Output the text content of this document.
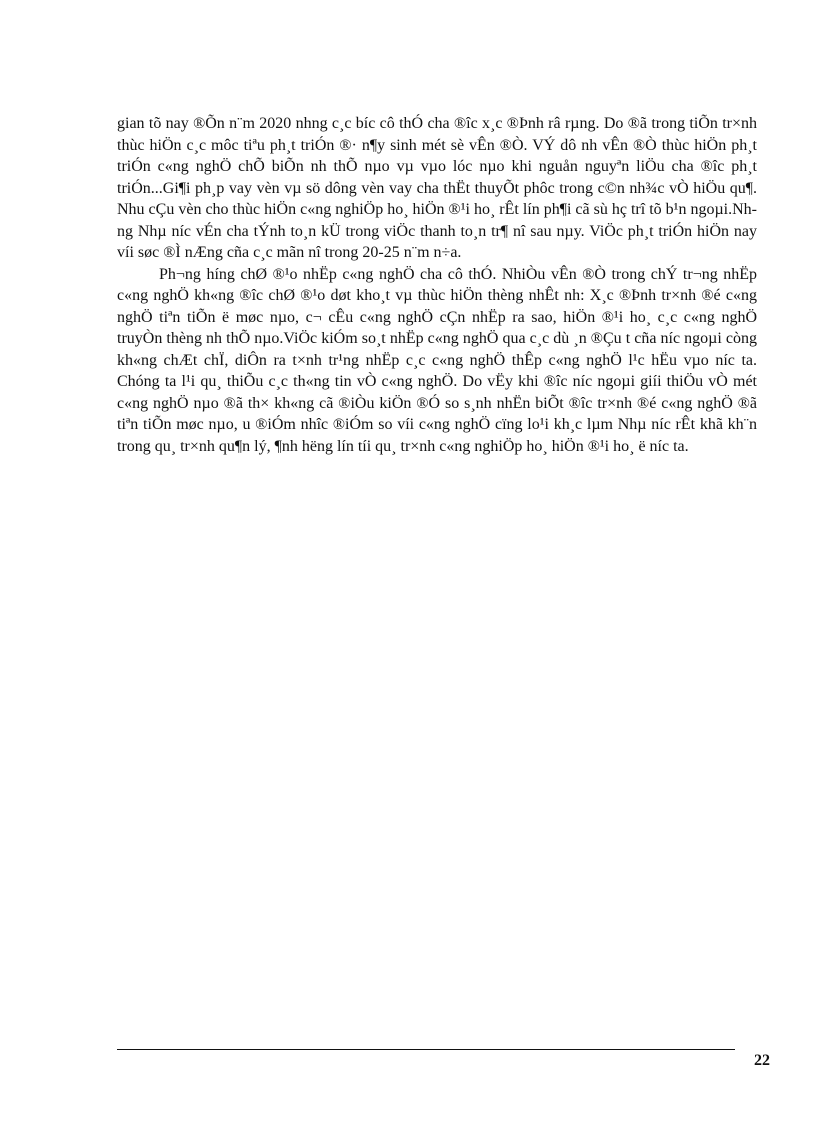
gian tõ nay ®Õn n¨m 2020 nhng c¸c bíc cô thÓ cha ®îc x¸c ®Þnh râ rµng. Do ®ã trong tiÕn tr×nh thùc hiÖn c¸c môc tiªu ph¸t triÓn ®· n¶y sinh mét sè vÊn ®Ò. VÝ dô nh vÊn ®Ò thùc hiÖn ph¸t triÓn c«ng nghÖ chÕ biÕn nh thÕ nµo vµ vµo lóc nµo khi nguån nguyªn liÖu cha ®îc ph¸t triÓn...Gi¶i ph¸p vay vèn vµ sö dông vèn vay cha thËt thuyÕt phôc trong c©n nh¾c vÒ hiÖu qu¶. Nhu cÇu vèn cho thùc hiÖn c«ng nghiÖp ho¸ hiÖn ®¹i ho¸ rÊt lín ph¶i cã sù hç trî tõ b¹n ngoµi.Nhng Nhµ níc vÉn cha tÝnh to¸n kÜ trong viÖc thanh to¸n tr¶ nî sau nµy. ViÖc ph¸t triÓn hiÖn nay víi søc ®Ì nÆng cña c¸c mãn nî trong 20-25 n¨m n÷a.

Ph¬ng híng chØ ®¹o nhËp c«ng nghÖ cha cô thÓ. NhiÒu vÊn ®Ò trong chÝ tr¬ng nhËp c«ng nghÖ kh«ng ®îc chØ ®¹o døt kho¸t vµ thùc hiÖn thèng nhÊt nh: X¸c ®Þnh tr×nh ®é c«ng nghÖ tiªn tiÕn ë møc nµo, c¬ cÊu c«ng nghÖ cÇn nhËp ra sao, hiÖn ®¹i ho¸ c¸c c«ng nghÖ truyÒn thèng nh thÕ nµo.ViÖc kiÓm so¸t nhËp c«ng nghÖ qua c¸c dù ¸n ®Çu t cña níc ngoµi còng kh«ng chÆt chÏ, diÔn ra t×nh tr¹ng nhËp c¸c c«ng nghÖ thÊp c«ng nghÖ l¹c hËu vµo níc ta. Chóng ta l¹i qu¸ thiÕu c¸c th«ng tin vÒ c«ng nghÖ. Do vËy khi ®îc níc ngoµi giíi thiÖu vÒ mét c«ng nghÖ nµo ®ã th× kh«ng cã ®iÒu kiÖn ®Ó so s¸nh nhËn biÕt ®îc tr×nh ®é c«ng nghÖ ®ã tiªn tiÕn møc nµo, u ®iÓm nhîc ®iÓm so víi c«ng nghÖ cïng lo¹i kh¸c lµm Nhµ níc rÊt khã kh¨n trong qu¸ tr×nh qu¶n lý, ¶nh hëng lín tíi qu¸ tr×nh c«ng nghiÖp ho¸ hiÖn ®¹i ho¸ ë níc ta.

22
